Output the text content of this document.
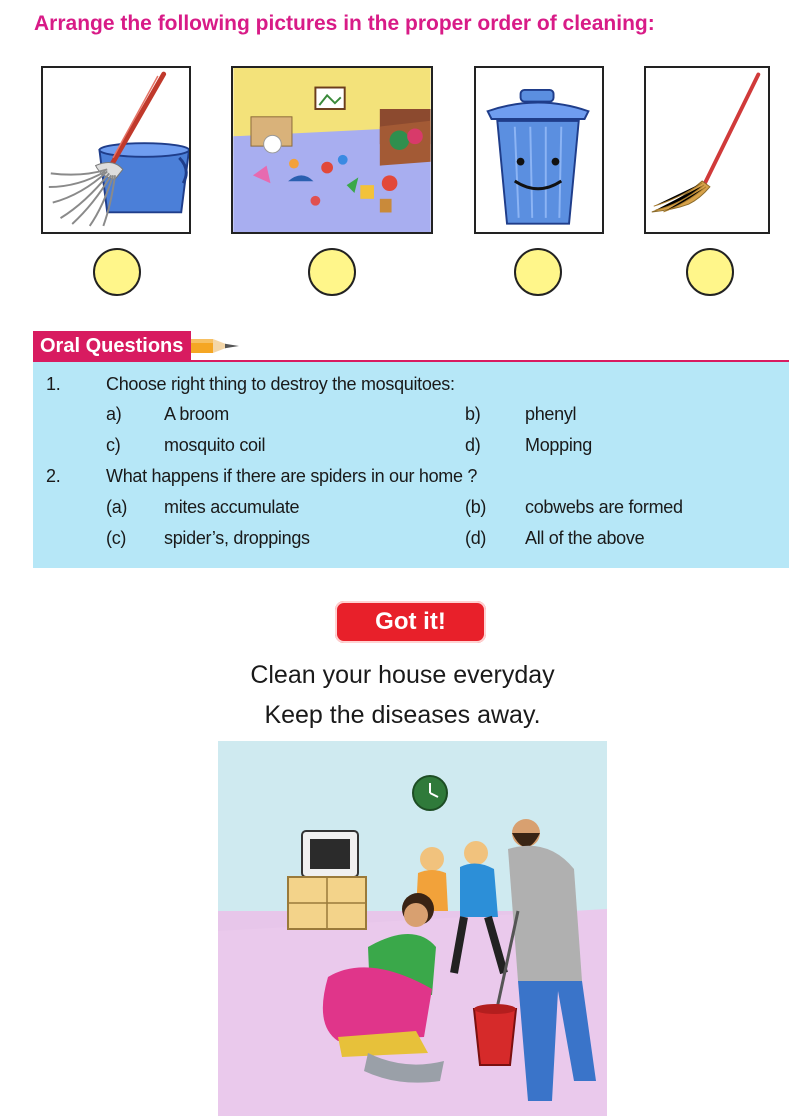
Arrange the following pictures in the proper order of cleaning:
Oral Questions
1.	Choose right thing to destroy the mosquitoes:
a) A broom	b) phenyl
c) mosquito coil	d) Mopping
2.	What happens if there are spiders in our home ?
(a) mites accumulate	(b) cobwebs are formed
(c) spider’s, droppings	(d) All of the above
Got it!
Clean your house everyday
Keep the diseases away.
